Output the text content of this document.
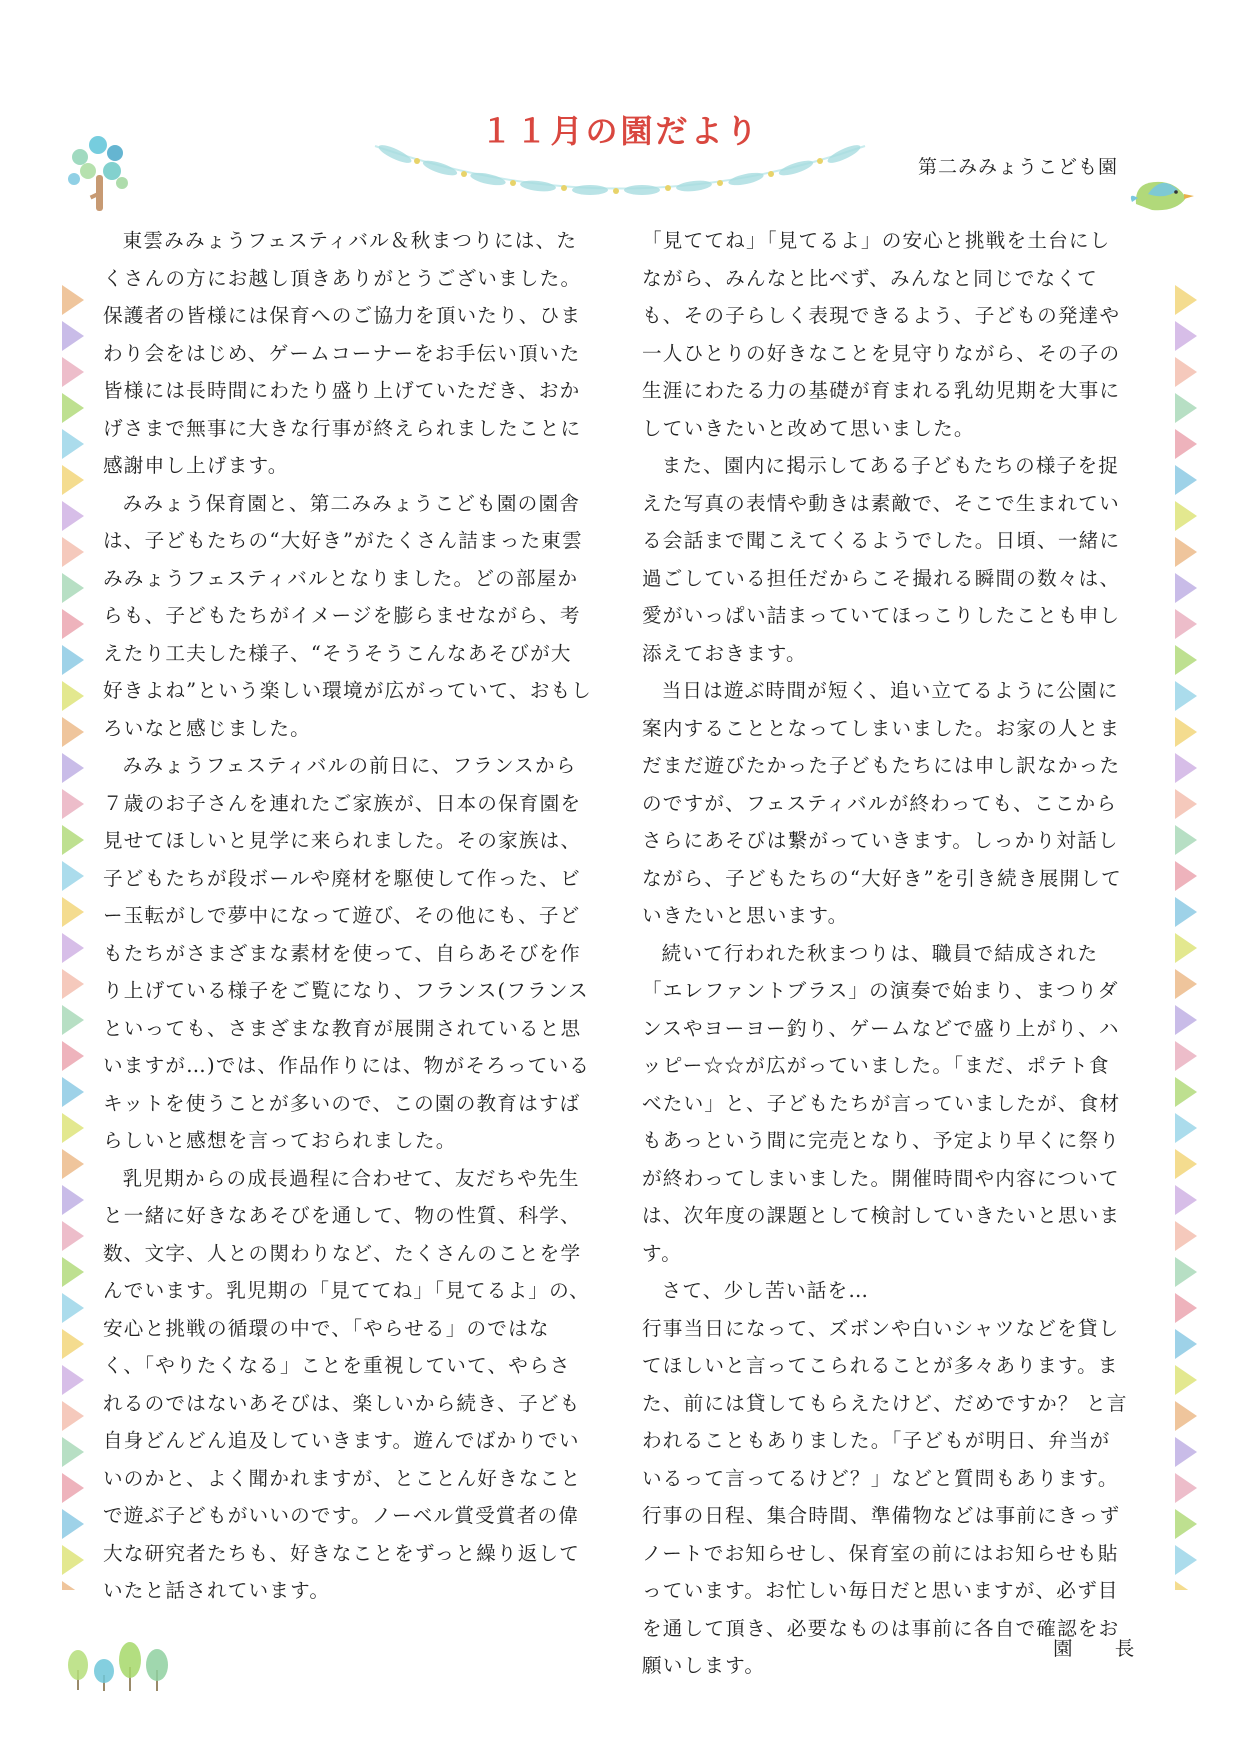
１１月の園だより
第二みみょうこども園

東雲みみょうフェスティバル＆秋まつりには、た
くさんの方にお越し頂きありがとうございました。
保護者の皆様には保育へのご協力を頂いたり、ひま
わり会をはじめ、ゲームコーナーをお手伝い頂いた
皆様には長時間にわたり盛り上げていただき、おか
げさまで無事に大きな行事が終えられましたことに
感謝申し上げます。

みみょう保育園と、第二みみょうこども園の園舎
は、子どもたちの“大好き”がたくさん詰まった東雲
みみょうフェスティバルとなりました。どの部屋か
らも、子どもたちがイメージを膨らませながら、考
えたり工夫した様子、“そうそうこんなあそびが大
好きよね”という楽しい環境が広がっていて、おもし
ろいなと感じました。

みみょうフェスティバルの前日に、フランスから
７歳のお子さんを連れたご家族が、日本の保育園を
見せてほしいと見学に来られました。その家族は、
子どもたちが段ボールや廃材を駆使して作った、ビ
ー玉転がしで夢中になって遊び、その他にも、子ど
もたちがさまざまな素材を使って、自らあそびを作
り上げている様子をご覧になり、フランス(フランス
といっても、さまざまな教育が展開されていると思
いますが…)では、作品作りには、物がそろっている
キットを使うことが多いので、この園の教育はすば
らしいと感想を言っておられました。

乳児期からの成長過程に合わせて、友だちや先生
と一緒に好きなあそびを通して、物の性質、科学、
数、文字、人との関わりなど、たくさんのことを学
んでいます。乳児期の「見ててね」「見てるよ」の、
安心と挑戦の循環の中で、「やらせる」のではな
く、「やりたくなる」ことを重視していて、やらさ
れるのではないあそびは、楽しいから続き、子ども
自身どんどん追及していきます。遊んでばかりでい
いのかと、よく聞かれますが、とことん好きなこと
で遊ぶ子どもがいいのです。ノーベル賞受賞者の偉
大な研究者たちも、好きなことをずっと繰り返して
いたと話されています。

「見ててね」「見てるよ」の安心と挑戦を土台にし
ながら、みんなと比べず、みんなと同じでなくて
も、その子らしく表現できるよう、子どもの発達や
一人ひとりの好きなことを見守りながら、その子の
生涯にわたる力の基礎が育まれる乳幼児期を大事に
していきたいと改めて思いました。

また、園内に掲示してある子どもたちの様子を捉
えた写真の表情や動きは素敵で、そこで生まれてい
る会話まで聞こえてくるようでした。日頃、一緒に
過ごしている担任だからこそ撮れる瞬間の数々は、
愛がいっぱい詰まっていてほっこりしたことも申し
添えておきます。

当日は遊ぶ時間が短く、追い立てるように公園に
案内することとなってしまいました。お家の人とま
だまだ遊びたかった子どもたちには申し訳なかった
のですが、フェスティバルが終わっても、ここから
さらにあそびは繋がっていきます。しっかり対話し
ながら、子どもたちの“大好き”を引き続き展開して
いきたいと思います。

続いて行われた秋まつりは、職員で結成された
「エレファントブラス」の演奏で始まり、まつりダ
ンスやヨーヨー釣り、ゲームなどで盛り上がり、ハ
ッピー☆☆が広がっていました。「まだ、ポテト食
べたい」と、子どもたちが言っていましたが、食材
もあっという間に完売となり、予定より早くに祭り
が終わってしまいました。開催時間や内容について
は、次年度の課題として検討していきたいと思いま
す。

さて、少し苦い話を…

行事当日になって、ズボンや白いシャツなどを貸し
てほしいと言ってこられることが多々あります。ま
た、前には貸してもらえたけど、だめですか？ と言
われることもありました。「子どもが明日、弁当が
いるって言ってるけど？」などと質問もあります。
行事の日程、集合時間、準備物などは事前にきっず
ノートでお知らせし、保育室の前にはお知らせも貼
っています。お忙しい毎日だと思いますが、必ず目
を通して頂き、必要なものは事前に各自で確認をお
願いします。

園　　長
